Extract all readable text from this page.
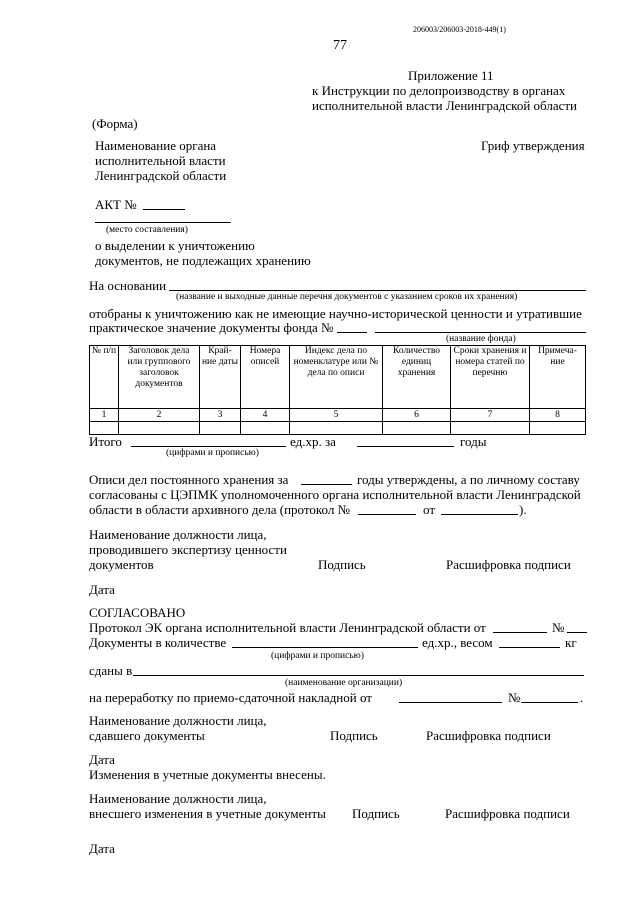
206003/206003-2018-449(1)
77
Приложение 11
к Инструкции по делопроизводству в органах
исполнительной власти Ленинградской области
(Форма)
Наименование органа
исполнительной власти
Ленинградской области
Гриф утверждения
АКТ №
(место составления)
о выделении к уничтожению
документов, не подлежащих хранению
На основании
(название и выходные данные перечня документов с указанием сроков их хранения)
отобраны к уничтожению как не имеющие научно-исторической ценности и утратившие
практическое значение документы фонда №
(название фонда)
№ п/п	Заголовок дела или группового заголовок документов	Край- ние даты	Номера описей	Индекс дела по номенклатуре или № дела по описи	Количество единиц хранения	Сроки хранения и номера статей по перечню	Примеча- ние
1	2	3	4	5	6	7	8

Итого	ед.хр. за	годы
(цифрами и прописью)
Описи дел постоянного хранения за	годы утверждены, а по личному составу
согласованы с ЦЭПМК уполномоченного органа исполнительной власти Ленинградской
области в области архивного дела (протокол №	от	).
Наименование должности лица,
проводившего экспертизу ценности
документов	Подпись	Расшифровка подписи
Дата
СОГЛАСОВАНО
Протокол ЭК органа исполнительной власти Ленинградской области от	№
Документы в количестве	ед.хр., весом	кг
(цифрами и прописью)
сданы в
(наименование организации)
на переработку по приемо-сдаточной накладной от	№	.
Наименование должности лица,
сдавшего документы	Подпись	Расшифровка подписи
Дата
Изменения в учетные документы внесены.
Наименование должности лица,
внесшего изменения в учетные документы Подпись	Расшифровка подписи
Дата
